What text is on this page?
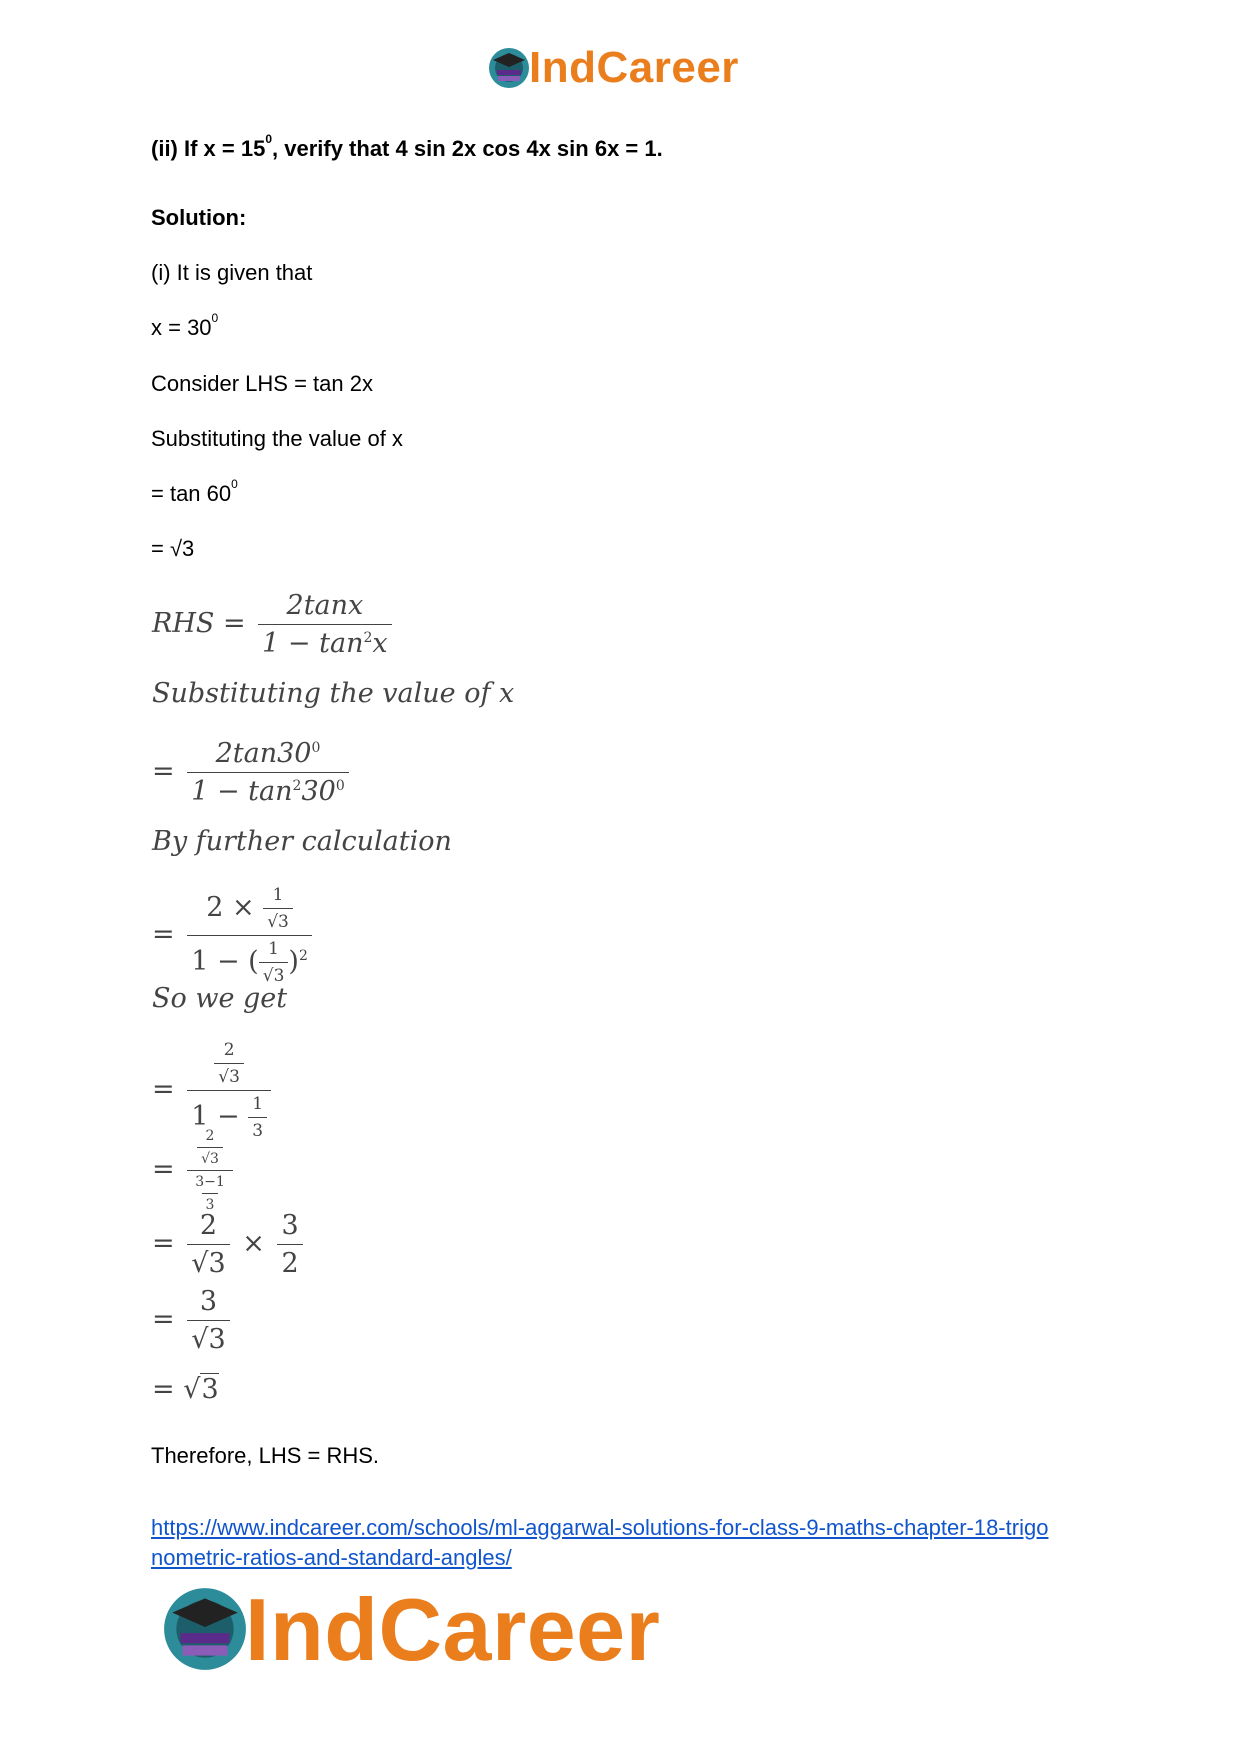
IndCareer
(ii) If $x = 15^0$, verify that 4 sin 2x cos 4x sin 6x = 1.
Solution:
(i) It is given that
$x = 30^0$
Consider LHS = tan 2x
Substituting the value of x
= $\tan 60^0$
= √3
RHS = $\frac{2\tan x}{1 - \tan^2x}$
Substituting the value of x
= $\frac{2\tan 30^0}{1 - \tan^230^0}$
By further calculation
= $\frac{2 \times \frac{1}{√3}}{1 - ( \frac{1}{√3} )^2}$
So we get
= $\frac{\frac{2}{√3}}{1 - \frac{1}{3}}$
= $\frac{\frac{2}{√3}}{\frac{3-1}{3}}$
= $\frac{2}{√3} \times \frac{3}{2}$
= $\frac{3}{√3}$
= √3
Therefore, LHS = RHS.
https://www.indcareer.com/schools/ml-aggarwal-solutions-for-class-9-maths-chapter-18-trigo
nometric-ratios-and-standard-angles/
IndCareer
